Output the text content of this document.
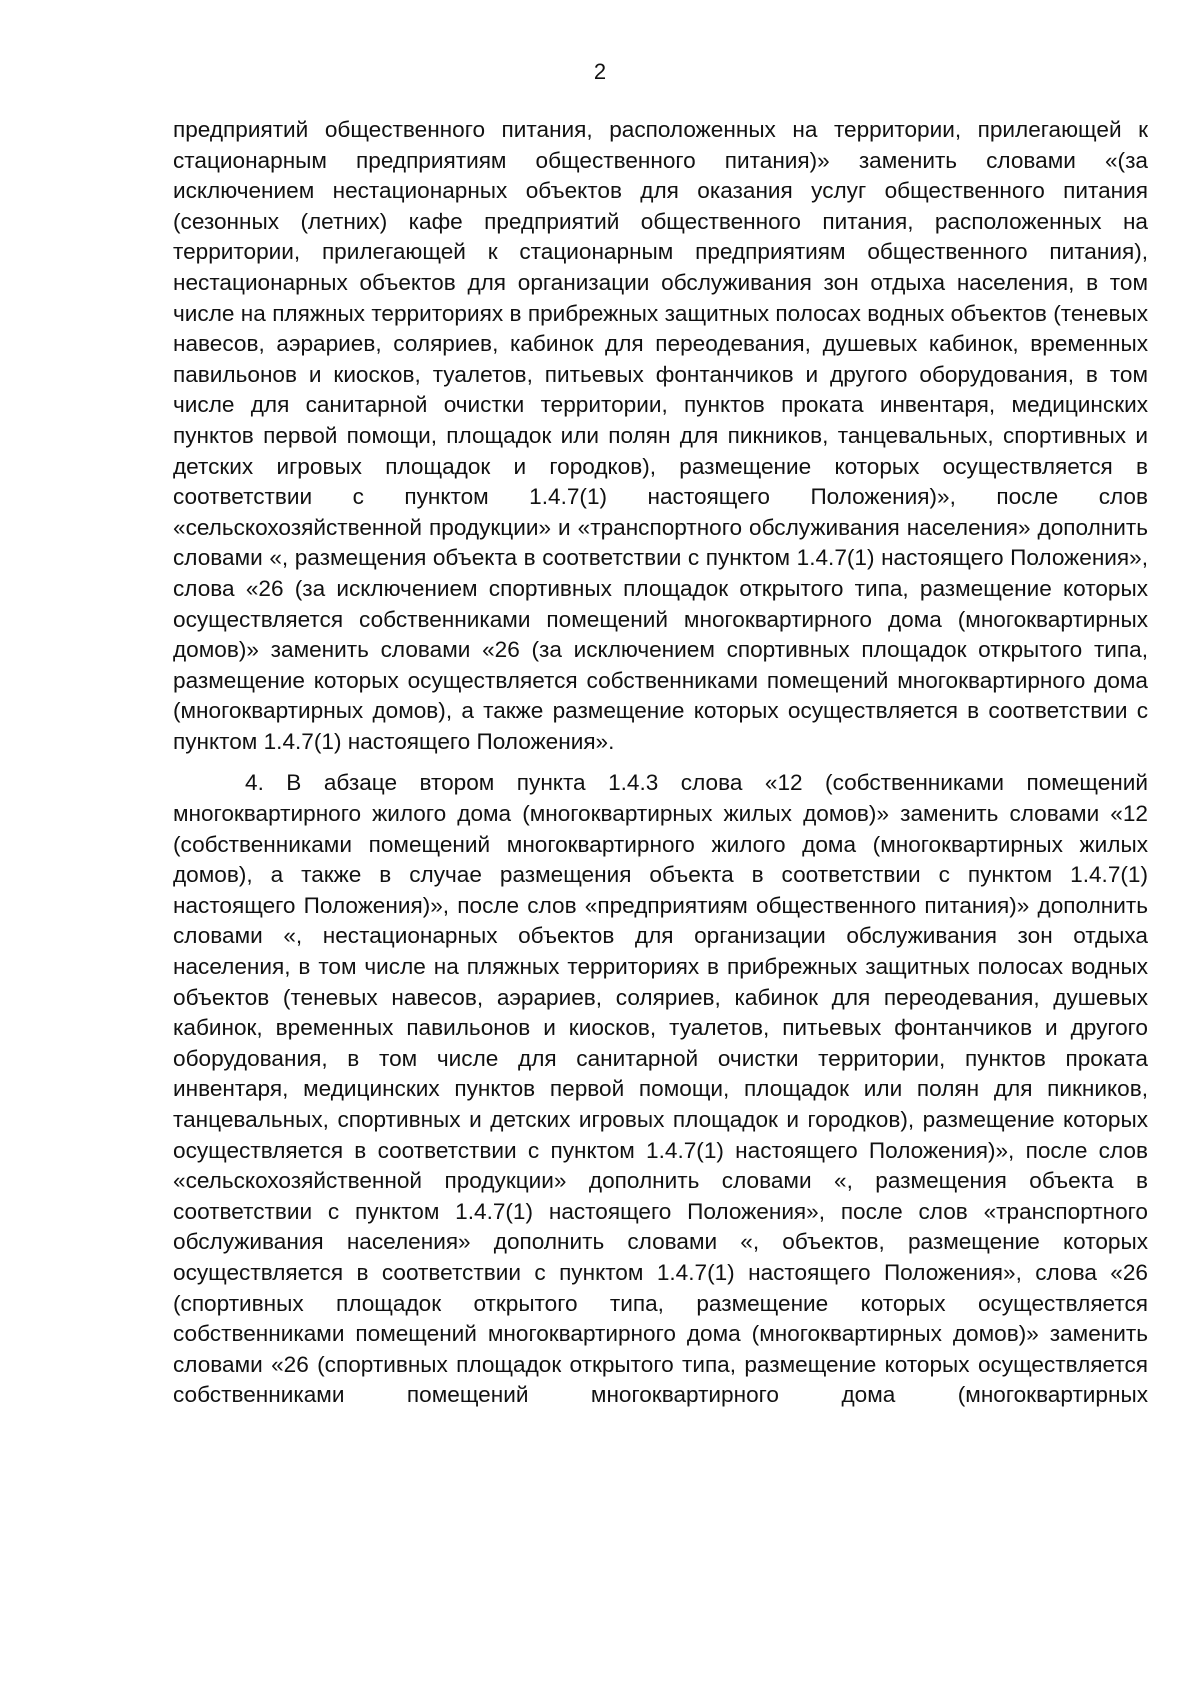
2

предприятий общественного питания, расположенных на территории, прилегающей к стационарным предприятиям общественного питания)» заменить словами «(за исключением нестационарных объектов для оказания услуг общественного питания (сезонных (летних) кафе предприятий общественного питания, расположенных на территории, прилегающей к стационарным предприятиям общественного питания), нестационарных объектов для организации обслуживания зон отдыха населения, в том числе на пляжных территориях в прибрежных защитных полосах водных объектов (теневых навесов, аэрариев, соляриев, кабинок для переодевания, душевых кабинок, временных павильонов и киосков, туалетов, питьевых фонтанчиков и другого оборудования, в том числе для санитарной очистки территории, пунктов проката инвентаря, медицинских пунктов первой помощи, площадок или полян для пикников, танцевальных, спортивных и детских игровых площадок и городков), размещение которых осуществляется в соответствии с пунктом 1.4.7(1) настоящего Положения)», после слов «сельскохозяйственной продукции» и «транспортного обслуживания населения» дополнить словами «, размещения объекта в соответствии с пунктом 1.4.7(1) настоящего Положения», слова «26 (за исключением спортивных площадок открытого типа, размещение которых осуществляется собственниками помещений многоквартирного дома (многоквартирных домов)» заменить словами «26 (за исключением спортивных площадок открытого типа, размещение которых осуществляется собственниками помещений многоквартирного дома (многоквартирных домов), а также размещение которых осуществляется в соответствии с пунктом 1.4.7(1) настоящего Положения».

4. В абзаце втором пункта 1.4.3 слова «12 (собственниками помещений многоквартирного жилого дома (многоквартирных жилых домов)» заменить словами «12 (собственниками помещений многоквартирного жилого дома (многоквартирных жилых домов), а также в случае размещения объекта в соответствии с пунктом 1.4.7(1) настоящего Положения)», после слов «предприятиям общественного питания)» дополнить словами «, нестационарных объектов для организации обслуживания зон отдыха населения, в том числе на пляжных территориях в прибрежных защитных полосах водных объектов (теневых навесов, аэрариев, соляриев, кабинок для переодевания, душевых кабинок, временных павильонов и киосков, туалетов, питьевых фонтанчиков и другого оборудования, в том числе для санитарной очистки территории, пунктов проката инвентаря, медицинских пунктов первой помощи, площадок или полян для пикников, танцевальных, спортивных и детских игровых площадок и городков), размещение которых осуществляется в соответствии с пунктом 1.4.7(1) настоящего Положения)», после слов «сельскохозяйственной продукции» дополнить словами «, размещения объекта в соответствии с пунктом 1.4.7(1) настоящего Положения», после слов «транспортного обслуживания населения» дополнить словами «, объектов, размещение которых осуществляется в соответствии с пунктом 1.4.7(1) настоящего Положения», слова «26 (спортивных площадок открытого типа, размещение которых осуществляется собственниками помещений многоквартирного дома (многоквартирных домов)» заменить словами «26 (спортивных площадок открытого типа, размещение которых осуществляется собственниками помещений многоквартирного дома (многоквартирных
